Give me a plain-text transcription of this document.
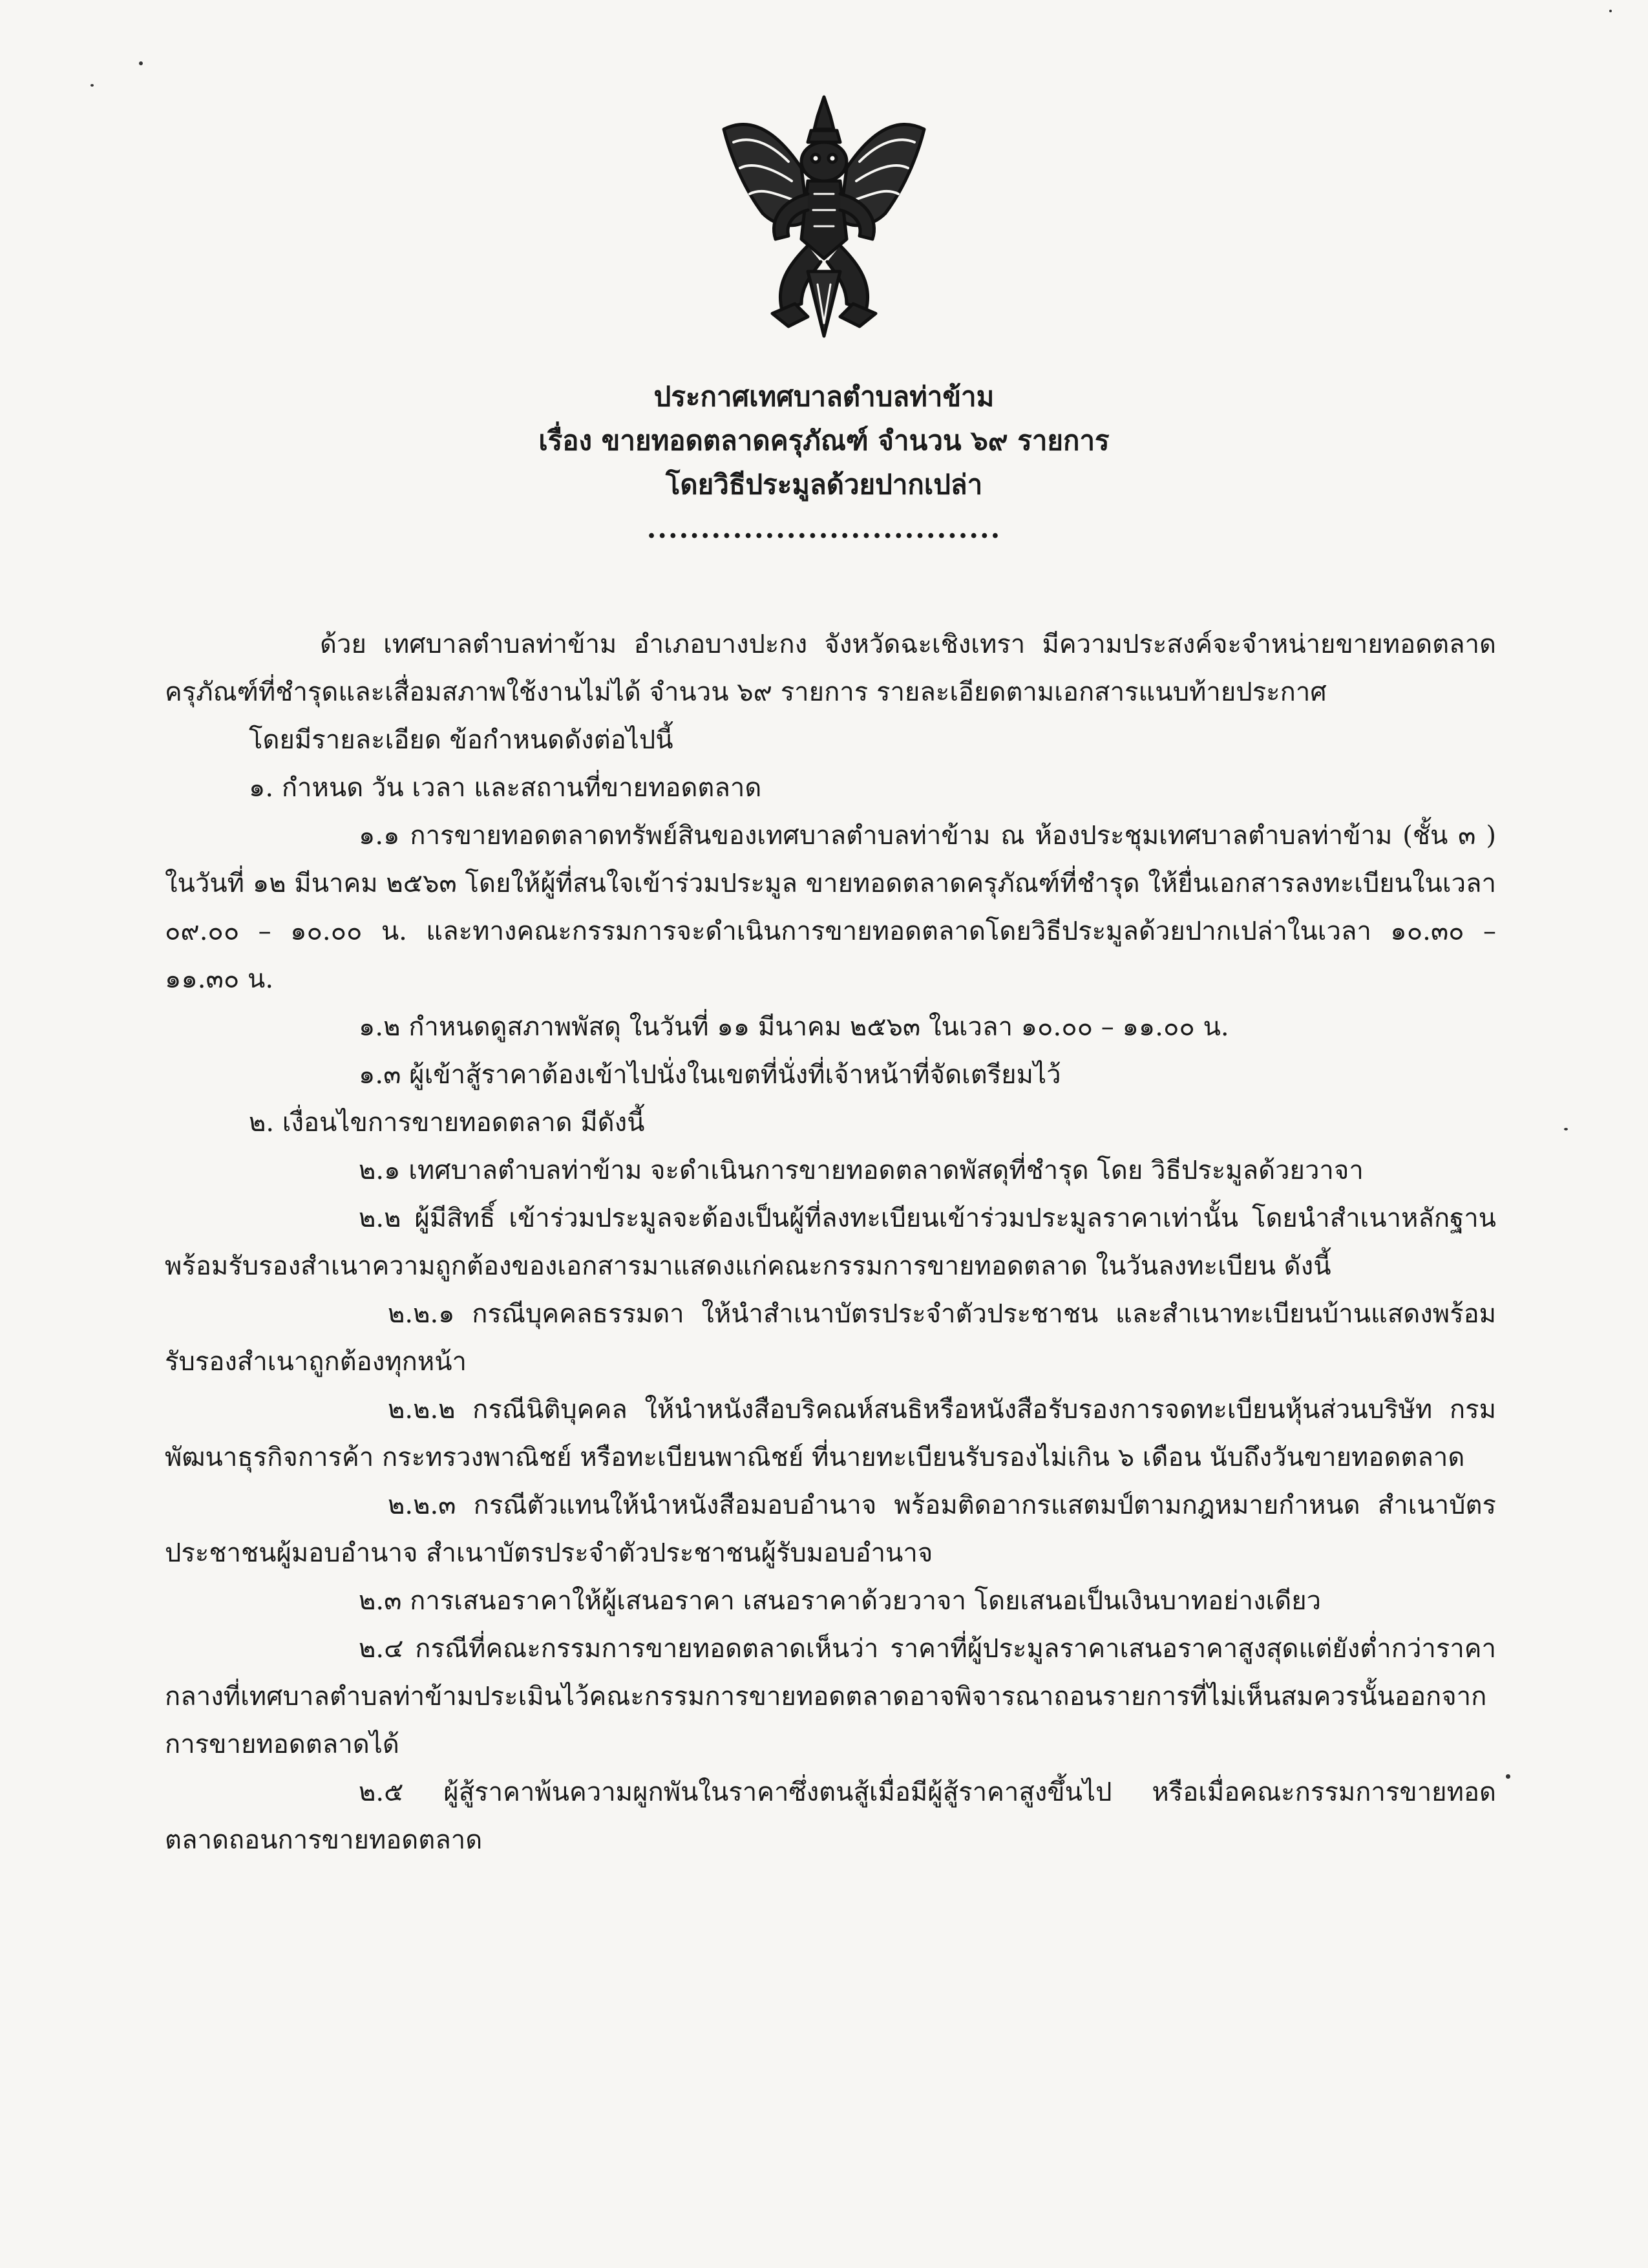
ประกาศเทศบาลตำบลท่าข้าม
เรื่อง ขายทอดตลาดครุภัณฑ์ จำนวน ๖๙ รายการ
โดยวิธีประมูลด้วยปากเปล่า
.................................

ด้วย เทศบาลตำบลท่าข้าม อำเภอบางปะกง จังหวัดฉะเชิงเทรา มีความประสงค์จะจำหน่ายขายทอดตลาดครุภัณฑ์ที่ชำรุดและเสื่อมสภาพใช้งานไม่ได้ จำนวน ๖๙ รายการ รายละเอียดตามเอกสารแนบท้ายประกาศ

โดยมีรายละเอียด ข้อกำหนดดังต่อไปนี้

๑. กำหนด วัน เวลา และสถานที่ขายทอดตลาด

๑.๑ การขายทอดตลาดทรัพย์สินของเทศบาลตำบลท่าข้าม ณ ห้องประชุมเทศบาลตำบลท่าข้าม (ชั้น ๓ ) ในวันที่ ๑๒ มีนาคม ๒๕๖๓ โดยให้ผู้ที่สนใจเข้าร่วมประมูล ขายทอดตลาดครุภัณฑ์ที่ชำรุด ให้ยื่นเอกสารลงทะเบียนในเวลา ๐๙.๐๐ – ๑๐.๐๐ น. และทางคณะกรรมการจะดำเนินการขายทอดตลาดโดยวิธีประมูลด้วยปากเปล่าในเวลา ๑๐.๓๐ – ๑๑.๓๐ น.

๑.๒ กำหนดดูสภาพพัสดุ ในวันที่ ๑๑ มีนาคม ๒๕๖๓ ในเวลา ๑๐.๐๐ – ๑๑.๐๐ น.

๑.๓ ผู้เข้าสู้ราคาต้องเข้าไปนั่งในเขตที่นั่งที่เจ้าหน้าที่จัดเตรียมไว้

๒. เงื่อนไขการขายทอดตลาด มีดังนี้

๒.๑ เทศบาลตำบลท่าข้าม จะดำเนินการขายทอดตลาดพัสดุที่ชำรุด โดย วิธีประมูลด้วยวาจา

๒.๒ ผู้มีสิทธิ์ เข้าร่วมประมูลจะต้องเป็นผู้ที่ลงทะเบียนเข้าร่วมประมูลราคาเท่านั้น โดยนำสำเนาหลักฐานพร้อมรับรองสำเนาความถูกต้องของเอกสารมาแสดงแก่คณะกรรมการขายทอดตลาด ในวันลงทะเบียน ดังนี้

๒.๒.๑ กรณีบุคคลธรรมดา ให้นำสำเนาบัตรประจำตัวประชาชน และสำเนาทะเบียนบ้านแสดงพร้อมรับรองสำเนาถูกต้องทุกหน้า

๒.๒.๒ กรณีนิติบุคคล ให้นำหนังสือบริคณห์สนธิหรือหนังสือรับรองการจดทะเบียนหุ้นส่วนบริษัท กรมพัฒนาธุรกิจการค้า กระทรวงพาณิชย์ หรือทะเบียนพาณิชย์ ที่นายทะเบียนรับรองไม่เกิน ๖ เดือน นับถึงวันขายทอดตลาด

๒.๒.๓ กรณีตัวแทนให้นำหนังสือมอบอำนาจ พร้อมติดอากรแสตมป์ตามกฎหมายกำหนด สำเนาบัตรประชาชนผู้มอบอำนาจ สำเนาบัตรประจำตัวประชาชนผู้รับมอบอำนาจ

๒.๓ การเสนอราคาให้ผู้เสนอราคา เสนอราคาด้วยวาจา โดยเสนอเป็นเงินบาทอย่างเดียว

๒.๔ กรณีที่คณะกรรมการขายทอดตลาดเห็นว่า ราคาที่ผู้ประมูลราคาเสนอราคาสูงสุดแต่ยังต่ำกว่าราคากลางที่เทศบาลตำบลท่าข้ามประเมินไว้คณะกรรมการขายทอดตลาดอาจพิจารณาถอนรายการที่ไม่เห็นสมควรนั้นออกจากการขายทอดตลาดได้

๒.๕ ผู้สู้ราคาพ้นความผูกพันในราคาซึ่งตนสู้เมื่อมีผู้สู้ราคาสูงขึ้นไป หรือเมื่อคณะกรรมการขายทอดตลาดถอนการขายทอดตลาด
